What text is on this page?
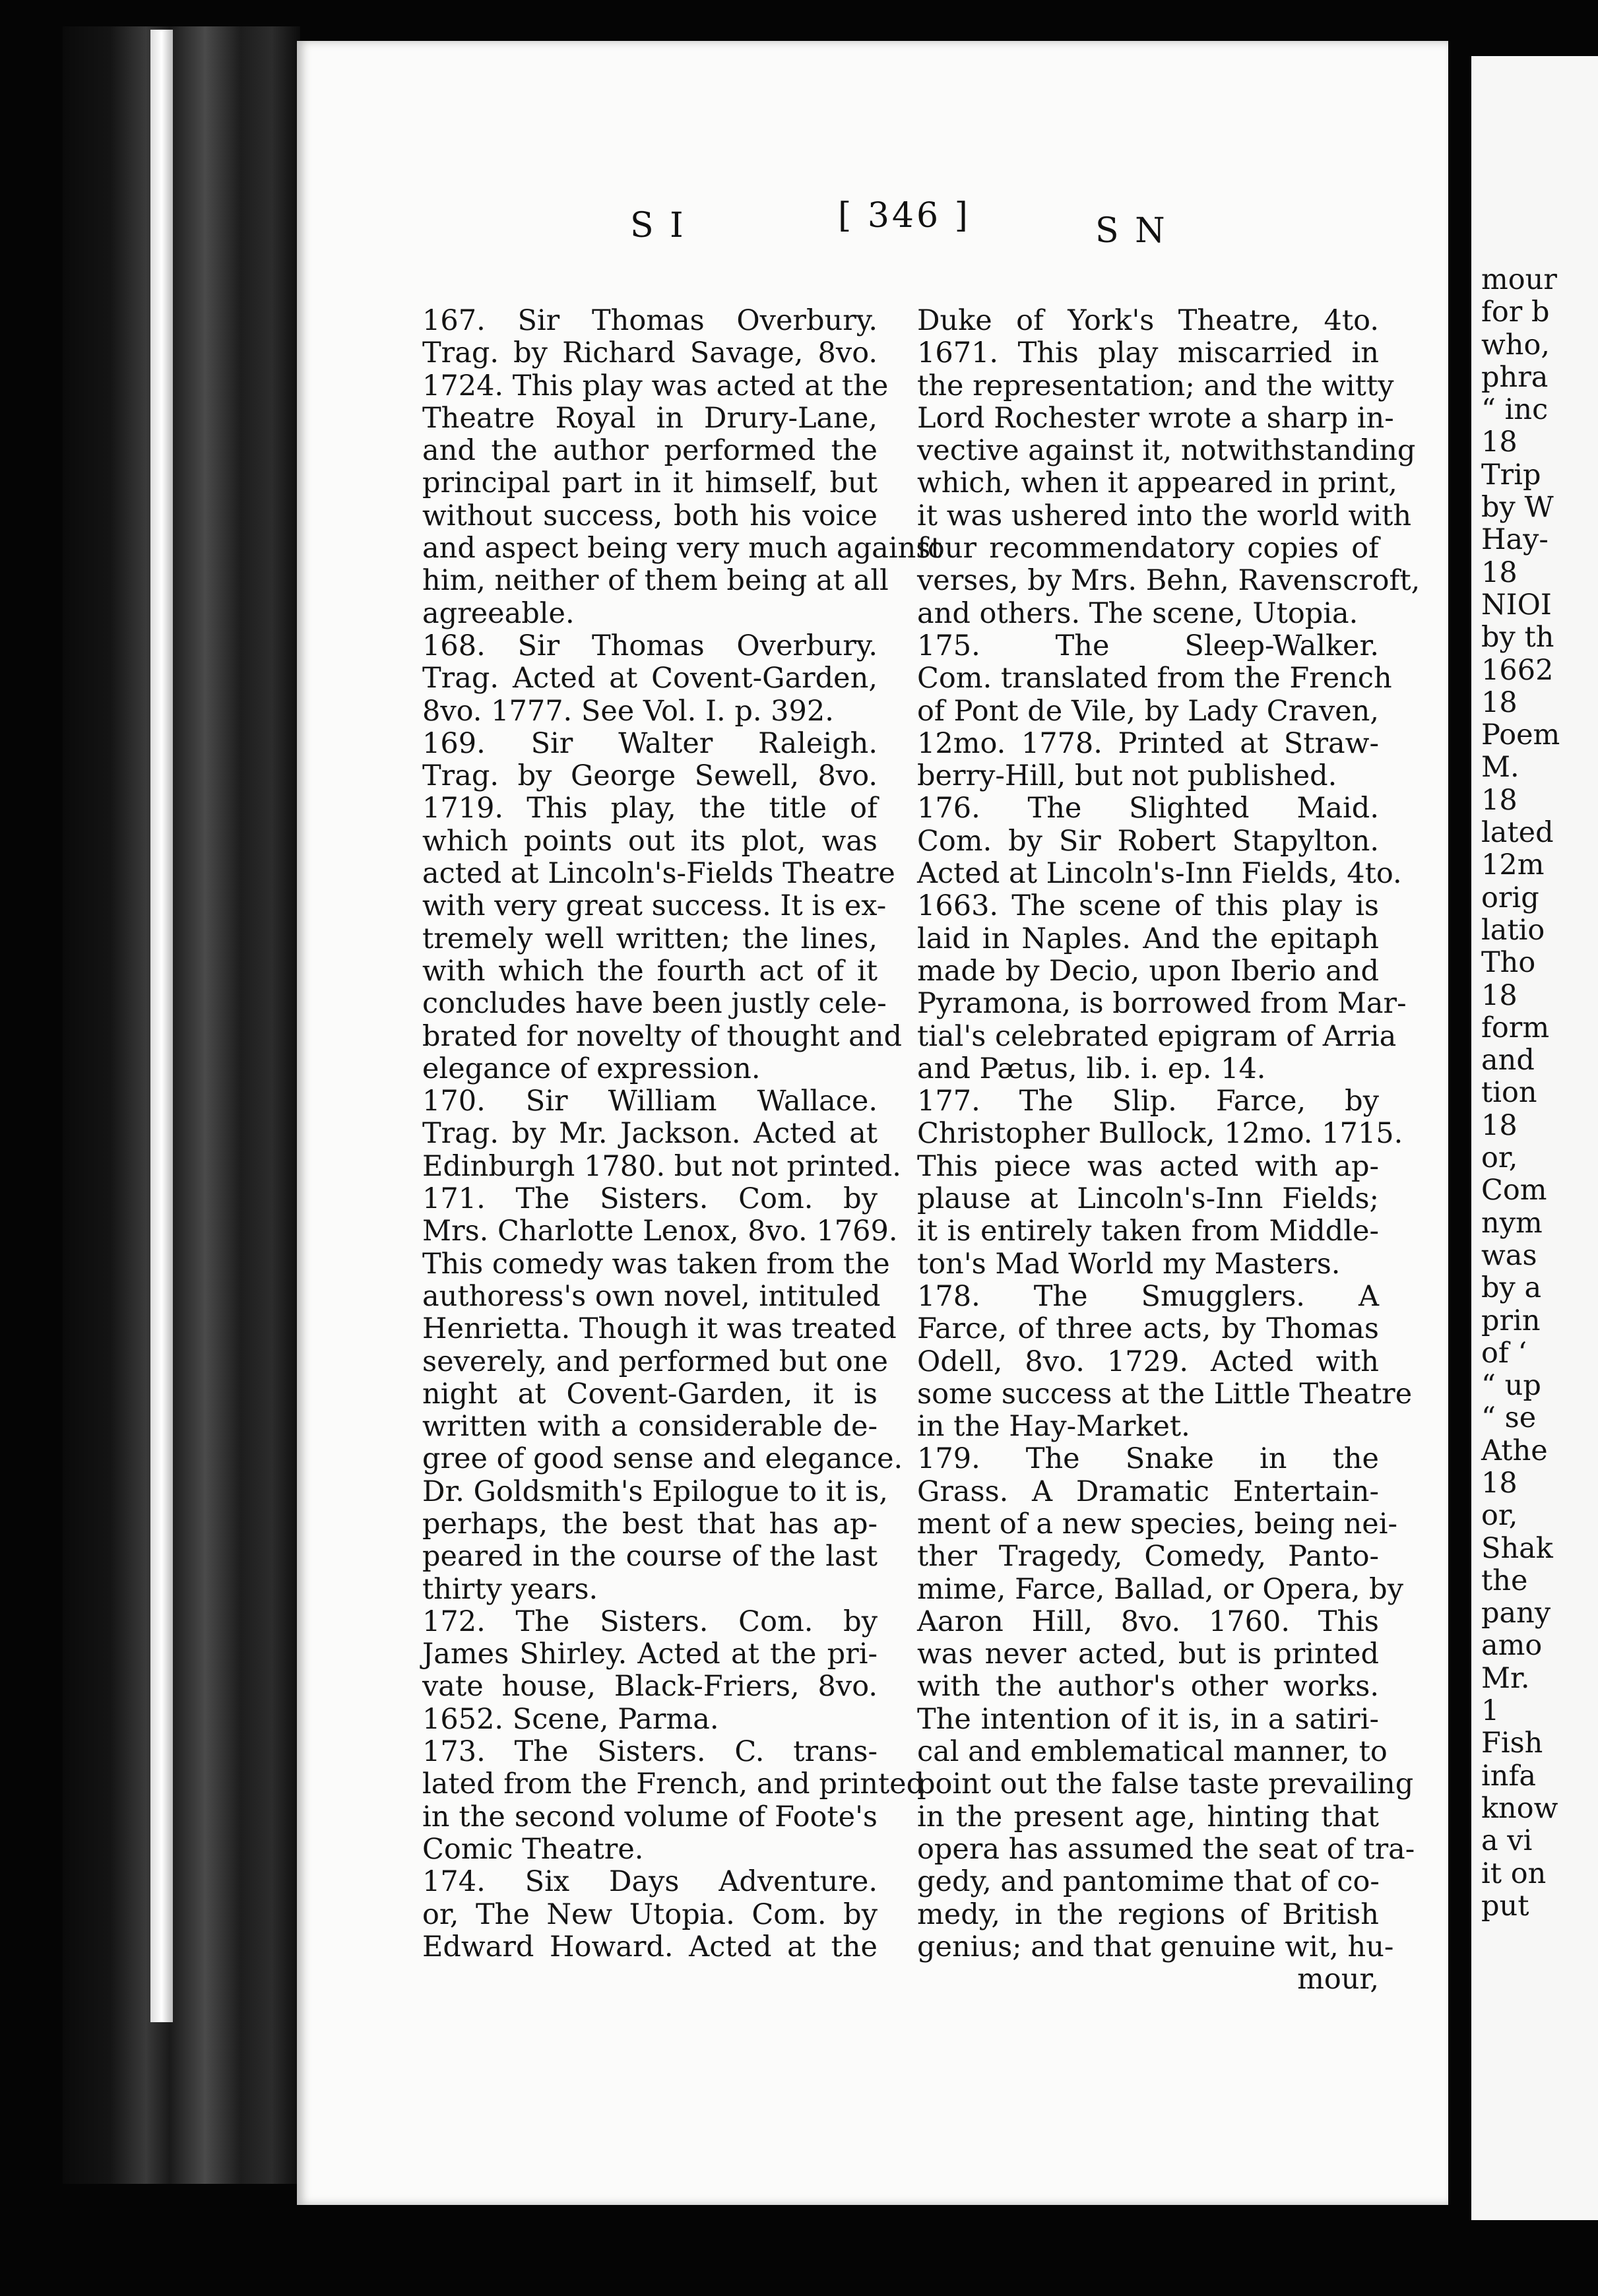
S I	[ 346 ]	S N
167. Sir Thomas Overbury.
Trag. by Richard Savage, 8vo.
1724. This play was acted at the
Theatre Royal in Drury-Lane,
and the author performed the
principal part in it himself, but
without success, both his voice
and aspect being very much against
him, neither of them being at all
agreeable.
168. Sir Thomas Overbury.
Trag. Acted at Covent-Garden,
8vo. 1777. See Vol. I. p. 392.
169. Sir Walter Raleigh.
Trag. by George Sewell, 8vo.
1719. This play, the title of
which points out its plot, was
acted at Lincoln's-Fields Theatre
with very great success. It is ex-
tremely well written; the lines,
with which the fourth act of it
concludes have been justly cele-
brated for novelty of thought and
elegance of expression.
170. Sir William Wallace.
Trag. by Mr. Jackson. Acted at
Edinburgh 1780. but not printed.
171. The Sisters. Com. by
Mrs. Charlotte Lenox, 8vo. 1769.
This comedy was taken from the
authoress's own novel, intituled
Henrietta. Though it was treated
severely, and performed but one
night at Covent-Garden, it is
written with a considerable de-
gree of good sense and elegance.
Dr. Goldsmith's Epilogue to it is,
perhaps, the best that has ap-
peared in the course of the last
thirty years.
172. The Sisters. Com. by
James Shirley. Acted at the pri-
vate house, Black-Friers, 8vo.
1652. Scene, Parma.
173. The Sisters. C. trans-
lated from the French, and printed
in the second volume of Foote's
Comic Theatre.
174. Six Days Adventure.
or, The New Utopia. Com. by
Edward Howard. Acted at the
Duke of York's Theatre, 4to.
1671. This play miscarried in
the representation; and the witty
Lord Rochester wrote a sharp in-
vective against it, notwithstanding
which, when it appeared in print,
it was ushered into the world with
four recommendatory copies of
verses, by Mrs. Behn, Ravenscroft,
and others. The scene, Utopia.
175. The Sleep-Walker.
Com. translated from the French
of Pont de Vile, by Lady Craven,
12mo. 1778. Printed at Straw-
berry-Hill, but not published.
176. The Slighted Maid.
Com. by Sir Robert Stapylton.
Acted at Lincoln's-Inn Fields, 4to.
1663. The scene of this play is
laid in Naples. And the epitaph
made by Decio, upon Iberio and
Pyramona, is borrowed from Mar-
tial's celebrated epigram of Arria
and Pætus, lib. i. ep. 14.
177. The Slip. Farce, by
Christopher Bullock, 12mo. 1715.
This piece was acted with ap-
plause at Lincoln's-Inn Fields;
it is entirely taken from Middle-
ton's Mad World my Masters.
178. The Smugglers. A
Farce, of three acts, by Thomas
Odell, 8vo. 1729. Acted with
some success at the Little Theatre
in the Hay-Market.
179. The Snake in the
Grass. A Dramatic Entertain-
ment of a new species, being nei-
ther Tragedy, Comedy, Panto-
mime, Farce, Ballad, or Opera, by
Aaron Hill, 8vo. 1760. This
was never acted, but is printed
with the author's other works.
The intention of it is, in a satiri-
cal and emblematical manner, to
point out the false taste prevailing
in the present age, hinting that
opera has assumed the seat of tra-
gedy, and pantomime that of co-
medy, in the regions of British
genius; and that genuine wit, hu-
mour,
mour
for b
who,
phra
“ inc
18
Trip
by W
Hay-
18
NIOI
by th
1662
18
Poem
M.
18
lated
12m
orig
latio
Tho
18
form
and
tion
18
or,
Com
nym
was
by a
prin
of ‘
“ up
“ se
Athe
18
or,
Shak
the
pany
amo
Mr.
1
Fish
infa
know
a vi
it on
put
